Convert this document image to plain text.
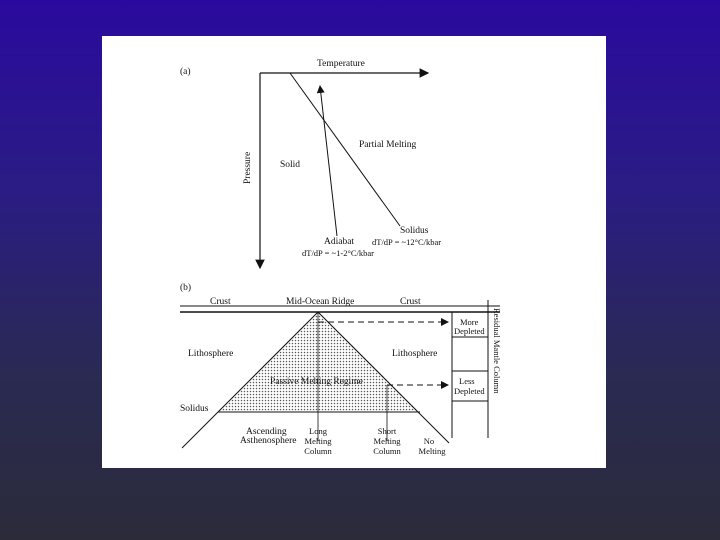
(a)
Temperature
Pressure	Solid
Partial Melting
Adiabat
dT/dP = ~1-2°C/kbar
Solidus
dT/dP = ~12°C/kbar
(b)
Crust	Mid-Ocean Ridge	Crust
More
Depleted
Less
Depleted Residual Mantle Column
Lithosphere	Lithosphere
Passive Melting Regime
Solidus
Ascending
Asthenosphere
Long
Melting
Column
Short
Melting
Column
No
Melting
